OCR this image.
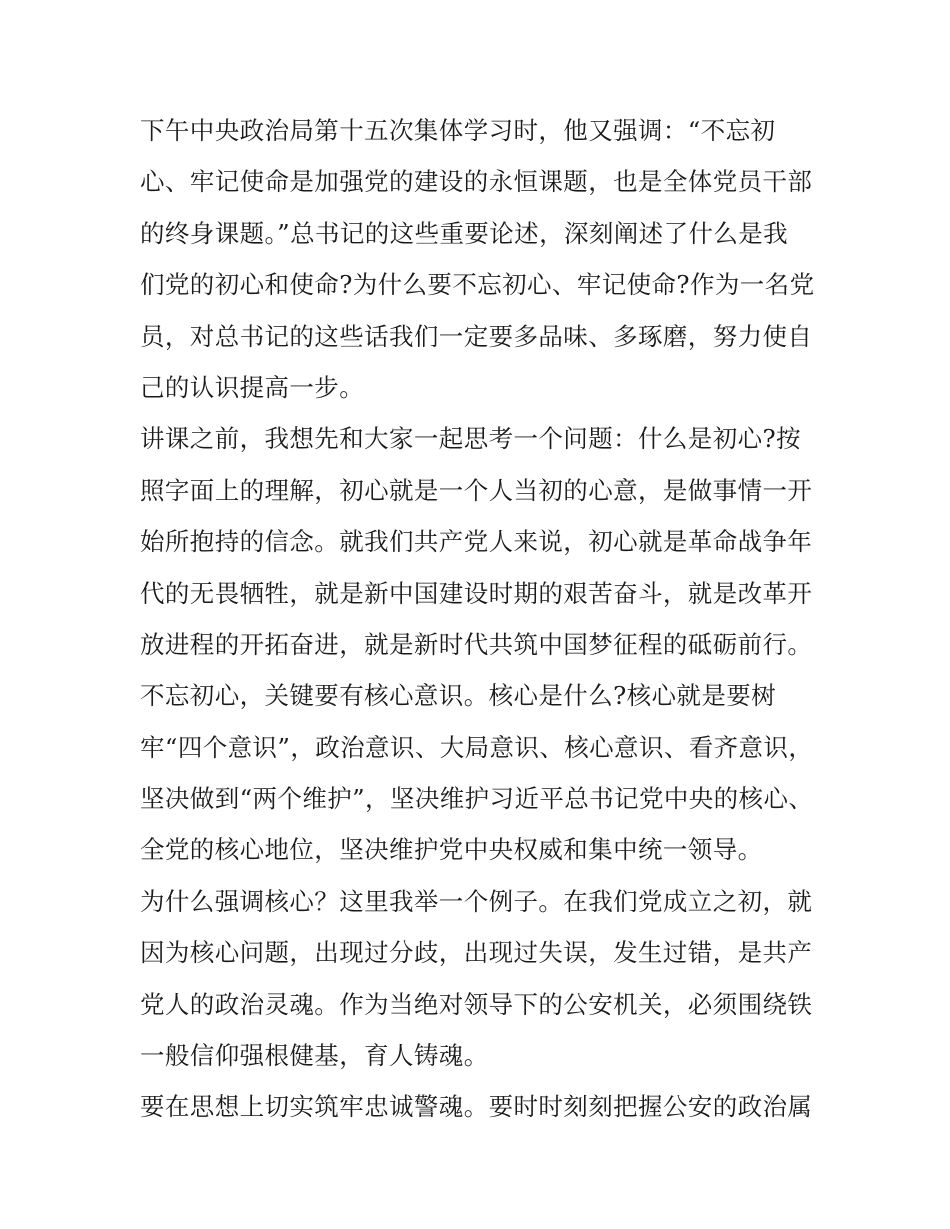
下午中央政治局第十五次集体学习时，他又强调：“不忘初
心、牢记使命是加强党的建设的永恒课题，也是全体党员干部
的终身课题。”总书记的这些重要论述，深刻阐述了什么是我
们党的初心和使命?为什么要不忘初心、牢记使命?作为一名党
员，对总书记的这些话我们一定要多品味、多琢磨，努力使自
己的认识提高一步。
讲课之前，我想先和大家一起思考一个问题：什么是初心?按
照字面上的理解，初心就是一个人当初的心意，是做事情一开
始所抱持的信念。就我们共产党人来说，初心就是革命战争年
代的无畏牺牲，就是新中国建设时期的艰苦奋斗，就是改革开
放进程的开拓奋进，就是新时代共筑中国梦征程的砥砺前行。
不忘初心，关键要有核心意识。核心是什么?核心就是要树
牢“四个意识”，政治意识、大局意识、核心意识、看齐意识，
坚决做到“两个维护”，坚决维护习近平总书记党中央的核心、
全党的核心地位，坚决维护党中央权威和集中统一领导。
为什么强调核心？这里我举一个例子。在我们党成立之初，就
因为核心问题，出现过分歧，出现过失误，发生过错，是共产
党人的政治灵魂。作为当绝对领导下的公安机关，必须围绕铁
一般信仰强根健基，育人铸魂。
要在思想上切实筑牢忠诚警魂。要时时刻刻把握公安的政治属
